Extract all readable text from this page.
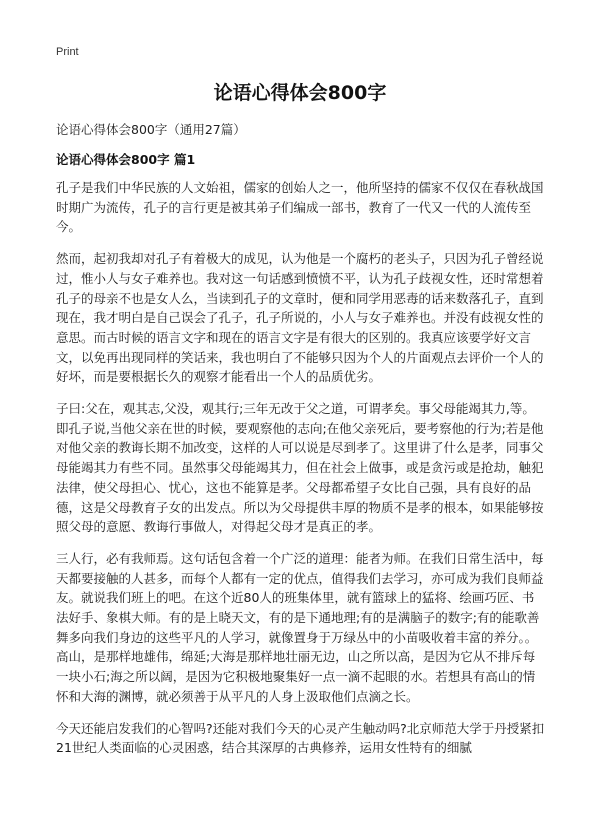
Print
论语心得体会800字
论语心得体会800字（通用27篇）
论语心得体会800字 篇1

孔子是我们中华民族的人文始祖，儒家的创始人之一，他所坚持的儒家不仅仅在春秋战国时期广为流传，孔子的言行更是被其弟子们编成一部书，教育了一代又一代的人流传至今。

然而，起初我却对孔子有着极大的成见，认为他是一个腐朽的老头子，只因为孔子曾经说过，惟小人与女子难养也。我对这一句话感到愤愤不平，认为孔子歧视女性，还时常想着孔子的母亲不也是女人么，当读到孔子的文章时，便和同学用恶毒的话来数落孔子，直到现在，我才明白是自己误会了孔子，孔子所说的，小人与女子难养也。并没有歧视女性的意思。而古时候的语言文字和现在的语言文字是有很大的区别的。我真应该要学好文言文，以免再出现同样的笑话来，我也明白了不能够只因为个人的片面观点去评价一个人的好坏，而是要根据长久的观察才能看出一个人的品质优劣。

子曰:父在，观其志,父没，观其行;三年无改于父之道，可谓孝矣。事父母能竭其力,等。即孔子说,当他父亲在世的时候，要观察他的志向;在他父亲死后，要考察他的行为;若是他对他父亲的教诲长期不加改变，这样的人可以说是尽到孝了。这里讲了什么是孝，同事父母能竭其力有些不同。虽然事父母能竭其力，但在社会上做事，或是贪污或是抢劫，触犯法律，使父母担心、忧心，这也不能算是孝。父母都希望子女比自己强，具有良好的品德，这是父母教育子女的出发点。所以为父母提供丰厚的物质不是孝的根本，如果能够按照父母的意愿、教诲行事做人，对得起父母才是真正的孝。

三人行，必有我师焉。这句话包含着一个广泛的道理：能者为师。在我们日常生活中，每天都要接触的人甚多，而每个人都有一定的优点，值得我们去学习，亦可成为我们良师益友。就说我们班上的吧。在这个近80人的班集体里，就有篮球上的猛将、绘画巧匠、书法好手、象棋大师。有的是上晓天文，有的是下通地理;有的是满脑子的数字;有的能歌善舞多向我们身边的这些平凡的人学习，就像置身于万绿丛中的小苗吸收着丰富的养分。。高山，是那样地雄伟，绵延;大海是那样地壮丽无边，山之所以高，是因为它从不排斥每一块小石;海之所以阔，是因为它积极地聚集好一点一滴不起眼的水。若想具有高山的情怀和大海的渊博，就必须善于从平凡的人身上汲取他们点滴之长。

今天还能启发我们的心智吗?还能对我们今天的心灵产生触动吗?北京师范大学于丹授紧扣21世纪人类面临的心灵困惑，结合其深厚的古典修养，运用女性特有的细腻
